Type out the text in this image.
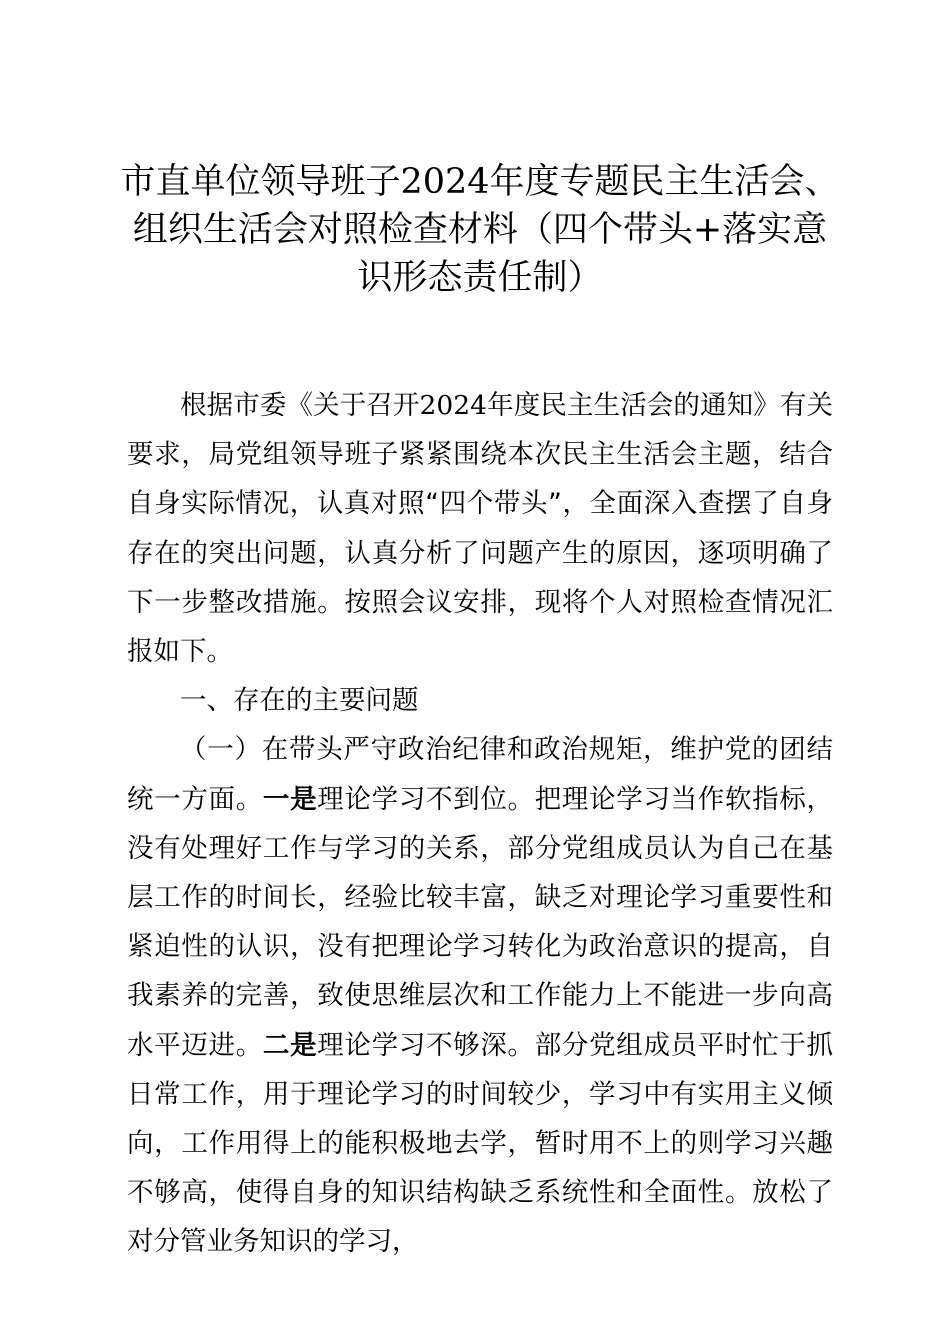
市直单位领导班子2024年度专题民主生活会、组织生活会对照检查材料（四个带头+落实意识形态责任制）

根据市委《关于召开2024年度民主生活会的通知》有关要求，局党组领导班子紧紧围绕本次民主生活会主题，结合自身实际情况，认真对照“四个带头”，全面深入查摆了自身存在的突出问题，认真分析了问题产生的原因，逐项明确了下一步整改措施。按照会议安排，现将个人对照检查情况汇报如下。

一、存在的主要问题

（一）在带头严守政治纪律和政治规矩，维护党的团结统一方面。一是理论学习不到位。把理论学习当作软指标，没有处理好工作与学习的关系，部分党组成员认为自己在基层工作的时间长，经验比较丰富，缺乏对理论学习重要性和紧迫性的认识，没有把理论学习转化为政治意识的提高，自我素养的完善，致使思维层次和工作能力上不能进一步向高水平迈进。二是理论学习不够深。部分党组成员平时忙于抓日常工作，用于理论学习的时间较少，学习中有实用主义倾向，工作用得上的能积极地去学，暂时用不上的则学习兴趣不够高，使得自身的知识结构缺乏系统性和全面性。放松了对分管业务知识的学习，
